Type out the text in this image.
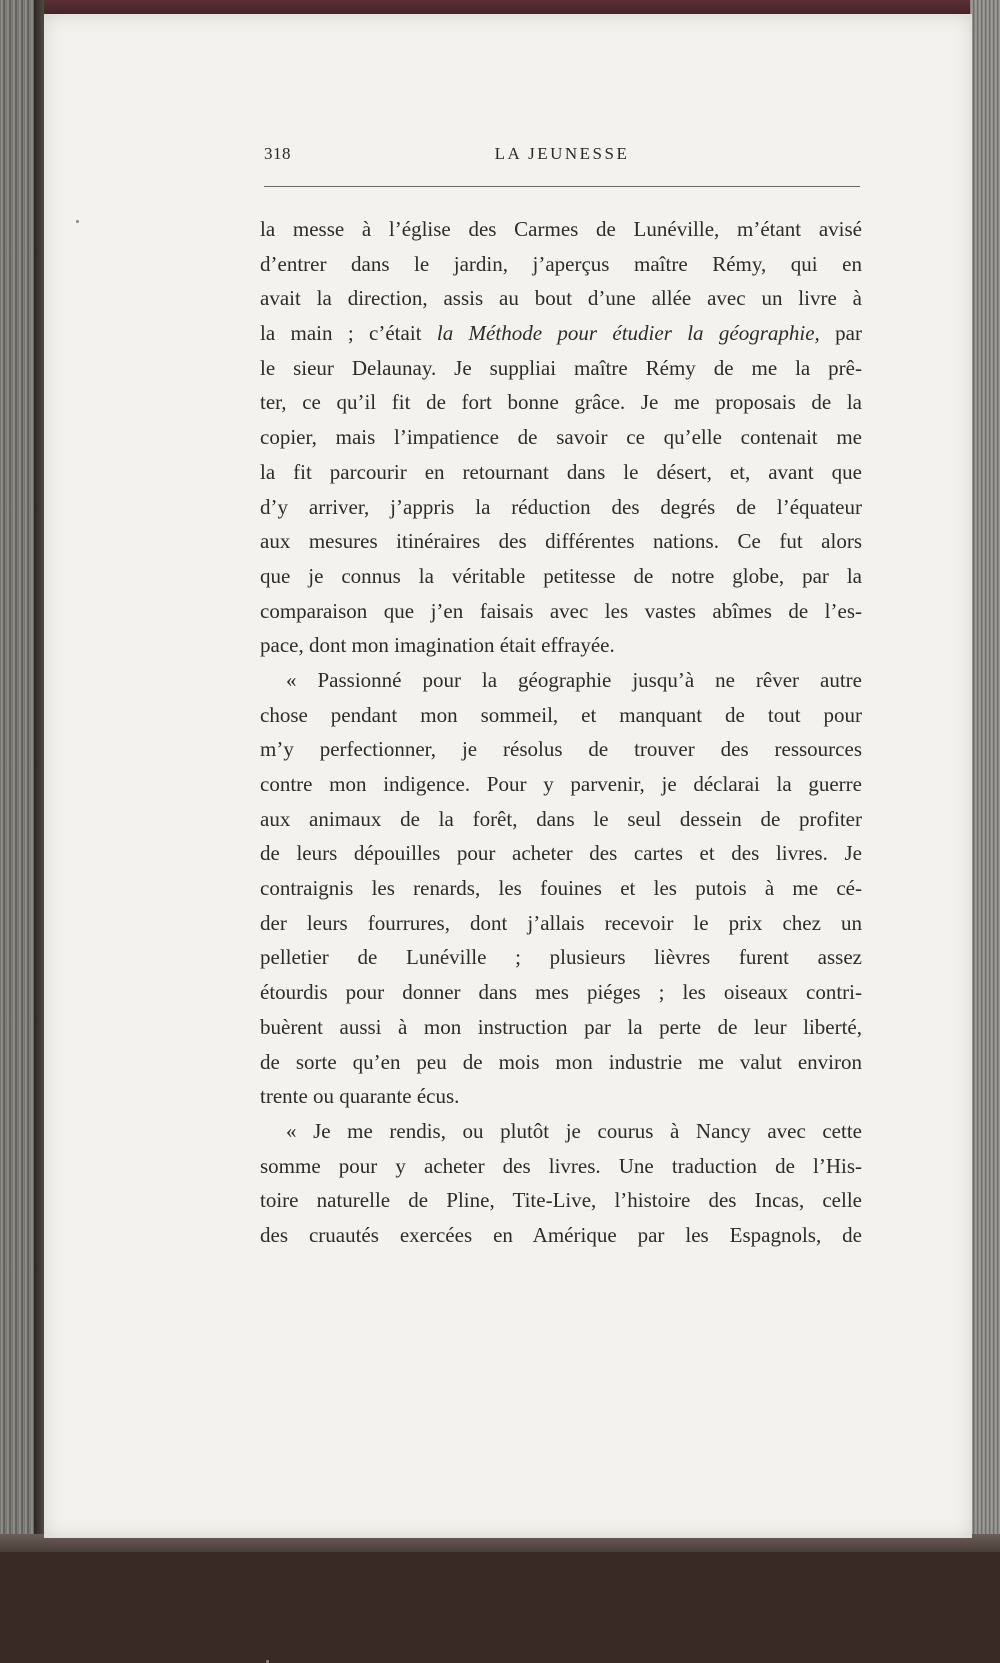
318	LA JEUNESSE
la messe à l’église des Carmes de Lunéville, m’étant avisé
d’entrer dans le jardin, j’aperçus maître Rémy, qui en
avait la direction, assis au bout d’une allée avec un livre à
la main ; c’était la Méthode pour étudier la géographie, par
le sieur Delaunay. Je suppliai maître Rémy de me la prê-
ter, ce qu’il fit de fort bonne grâce. Je me proposais de la
copier, mais l’impatience de savoir ce qu’elle contenait me
la fit parcourir en retournant dans le désert, et, avant que
d’y arriver, j’appris la réduction des degrés de l’équateur
aux mesures itinéraires des différentes nations. Ce fut alors
que je connus la véritable petitesse de notre globe, par la
comparaison que j’en faisais avec les vastes abîmes de l’es-
pace, dont mon imagination était effrayée.
« Passionné pour la géographie jusqu’à ne rêver autre
chose pendant mon sommeil, et manquant de tout pour
m’y perfectionner, je résolus de trouver des ressources
contre mon indigence. Pour y parvenir, je déclarai la guerre
aux animaux de la forêt, dans le seul dessein de profiter
de leurs dépouilles pour acheter des cartes et des livres. Je
contraignis les renards, les fouines et les putois à me cé-
der leurs fourrures, dont j’allais recevoir le prix chez un
pelletier de Lunéville ; plusieurs lièvres furent assez
étourdis pour donner dans mes piéges ; les oiseaux contri-
buèrent aussi à mon instruction par la perte de leur liberté,
de sorte qu’en peu de mois mon industrie me valut environ
trente ou quarante écus.
« Je me rendis, ou plutôt je courus à Nancy avec cette
somme pour y acheter des livres. Une traduction de l’His-
toire naturelle de Pline, Tite-Live, l’histoire des Incas, celle
des cruautés exercées en Amérique par les Espagnols, de
